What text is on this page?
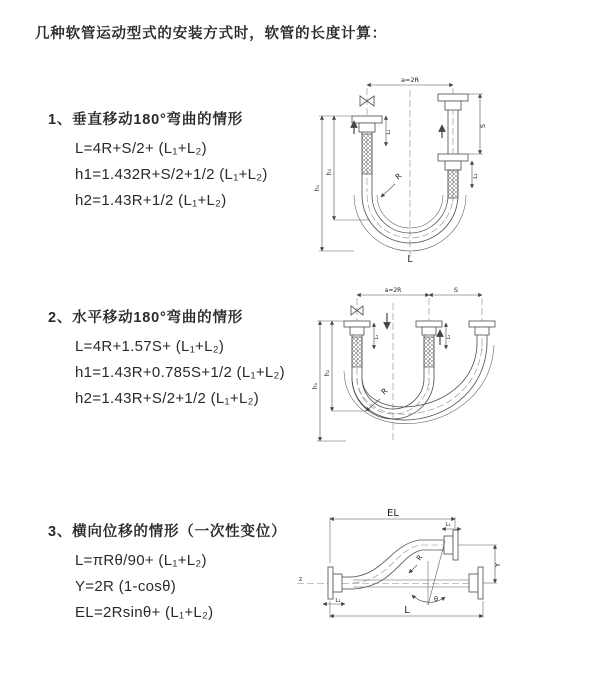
几种软管运动型式的安装方式时，软管的长度计算：
1、垂直移动180°弯曲的情形
L=4R+S/2+ (L₁+L₂)
h1=1.432R+S/2+1/2 (L₁+L₂)
h2=1.43R+1/2 (L₁+L₂)
2、水平移动180°弯曲的情形
L=4R+1.57S+ (L₁+L₂)
h1=1.43R+0.785S+1/2 (L₁+L₂)
h2=1.43R+S/2+1/2 (L₁+L₂)
3、横向位移的情形（一次性变位）
L=πRθ/90+ (L₁+L₂)
Y=2R (1-cosθ)
EL=2Rsinθ+ (L₁+L₂)
a=2R
R
h₁
h₂
L₁
S
L₂
L
a=2R	S
R
h₁
h₂
L₁	L₂
z
EL
L₁
Y
R
θ
L
L₁
